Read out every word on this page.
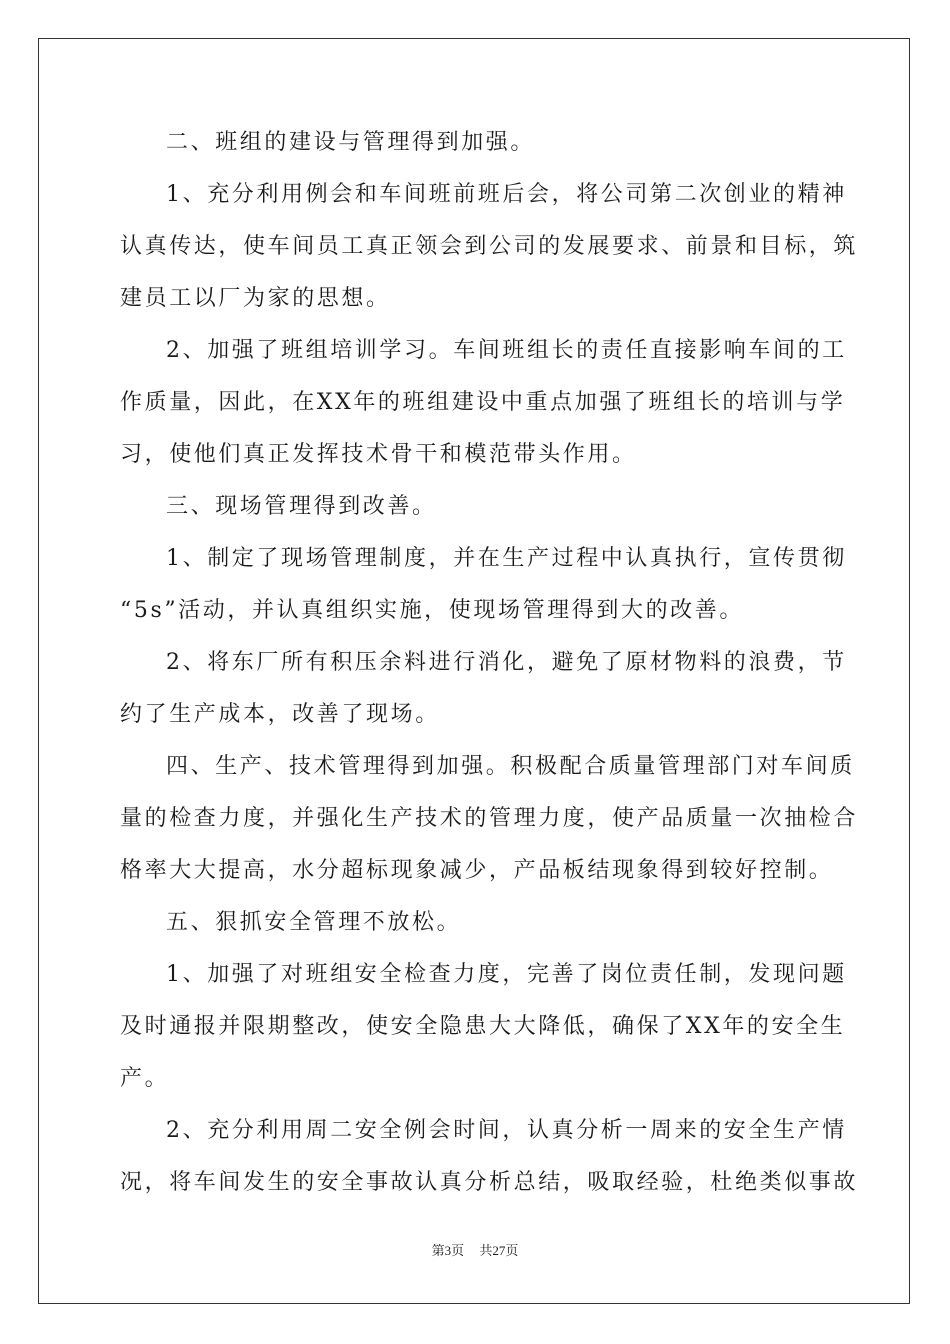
二、班组的建设与管理得到加强。
1、充分利用例会和车间班前班后会，将公司第二次创业的精神
认真传达，使车间员工真正领会到公司的发展要求、前景和目标，筑
建员工以厂为家的思想。
2、加强了班组培训学习。车间班组长的责任直接影响车间的工
作质量，因此，在XX年的班组建设中重点加强了班组长的培训与学
习，使他们真正发挥技术骨干和模范带头作用。
三、现场管理得到改善。
1、制定了现场管理制度，并在生产过程中认真执行，宣传贯彻
“5s”活动，并认真组织实施，使现场管理得到大的改善。
2、将东厂所有积压余料进行消化，避免了原材物料的浪费，节
约了生产成本，改善了现场。
四、生产、技术管理得到加强。积极配合质量管理部门对车间质
量的检查力度，并强化生产技术的管理力度，使产品质量一次抽检合
格率大大提高，水分超标现象减少，产品板结现象得到较好控制。
五、狠抓安全管理不放松。
1、加强了对班组安全检查力度，完善了岗位责任制，发现问题
及时通报并限期整改，使安全隐患大大降低，确保了XX年的安全生
产。
2、充分利用周二安全例会时间，认真分析一周来的安全生产情
况，将车间发生的安全事故认真分析总结，吸取经验，杜绝类似事故
第3页 共27页
